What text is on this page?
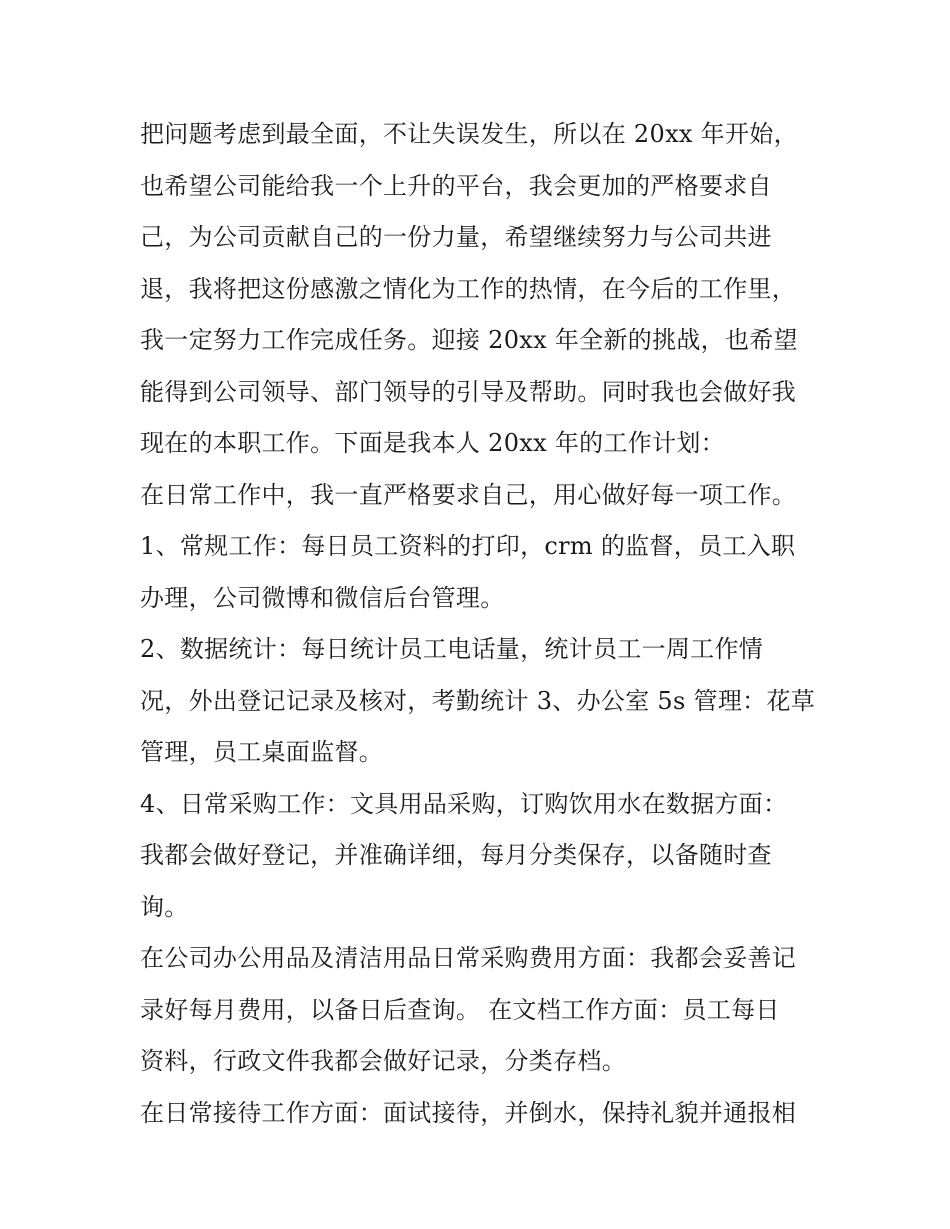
把问题考虑到最全面，不让失误发生，所以在 20xx 年开始，
也希望公司能给我一个上升的平台，我会更加的严格要求自
己，为公司贡献自己的一份力量，希望继续努力与公司共进
退，我将把这份感激之情化为工作的热情，在今后的工作里，
我一定努力工作完成任务。迎接 20xx 年全新的挑战，也希望
能得到公司领导、部门领导的引导及帮助。同时我也会做好我
现在的本职工作。下面是我本人 20xx 年的工作计划：
在日常工作中，我一直严格要求自己，用心做好每一项工作。
1、常规工作：每日员工资料的打印，crm 的监督，员工入职
办理，公司微博和微信后台管理。
2、数据统计：每日统计员工电话量，统计员工一周工作情
况，外出登记记录及核对，考勤统计 3、办公室 5s 管理：花草
管理，员工桌面监督。
4、日常采购工作：文具用品采购，订购饮用水在数据方面：
我都会做好登记，并准确详细，每月分类保存，以备随时查
询。
在公司办公用品及清洁用品日常采购费用方面：我都会妥善记
录好每月费用，以备日后查询。 在文档工作方面：员工每日
资料，行政文件我都会做好记录，分类存档。
在日常接待工作方面：面试接待，并倒水，保持礼貌并通报相
